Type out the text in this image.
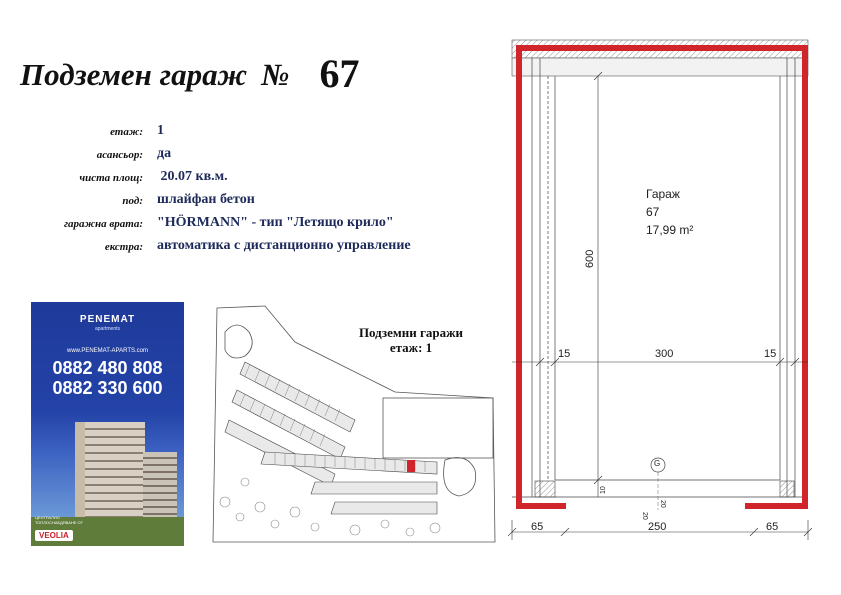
Подземен гараж № 67
етаж: 1
асансьор: да
чиста площ: 20.07 кв.м.
под: шлайфан бетон
гаражна врата: "HÖRMANN" - тип "Летящо крило"
екстра: автоматика с дистанционно управление
PENEMAT
apartments
www.PENEMAT-APARTS.com
0882 480 808
0882 330 600
ЦЕНТРАЛНО ТОПЛОСНАБДЯВАНЕ ОТ
VEOLIA
Подземни гаражи
етаж: 1
Гараж
67
17,99 m²
600
15	300	15
65	250	65
G
20
20
10
